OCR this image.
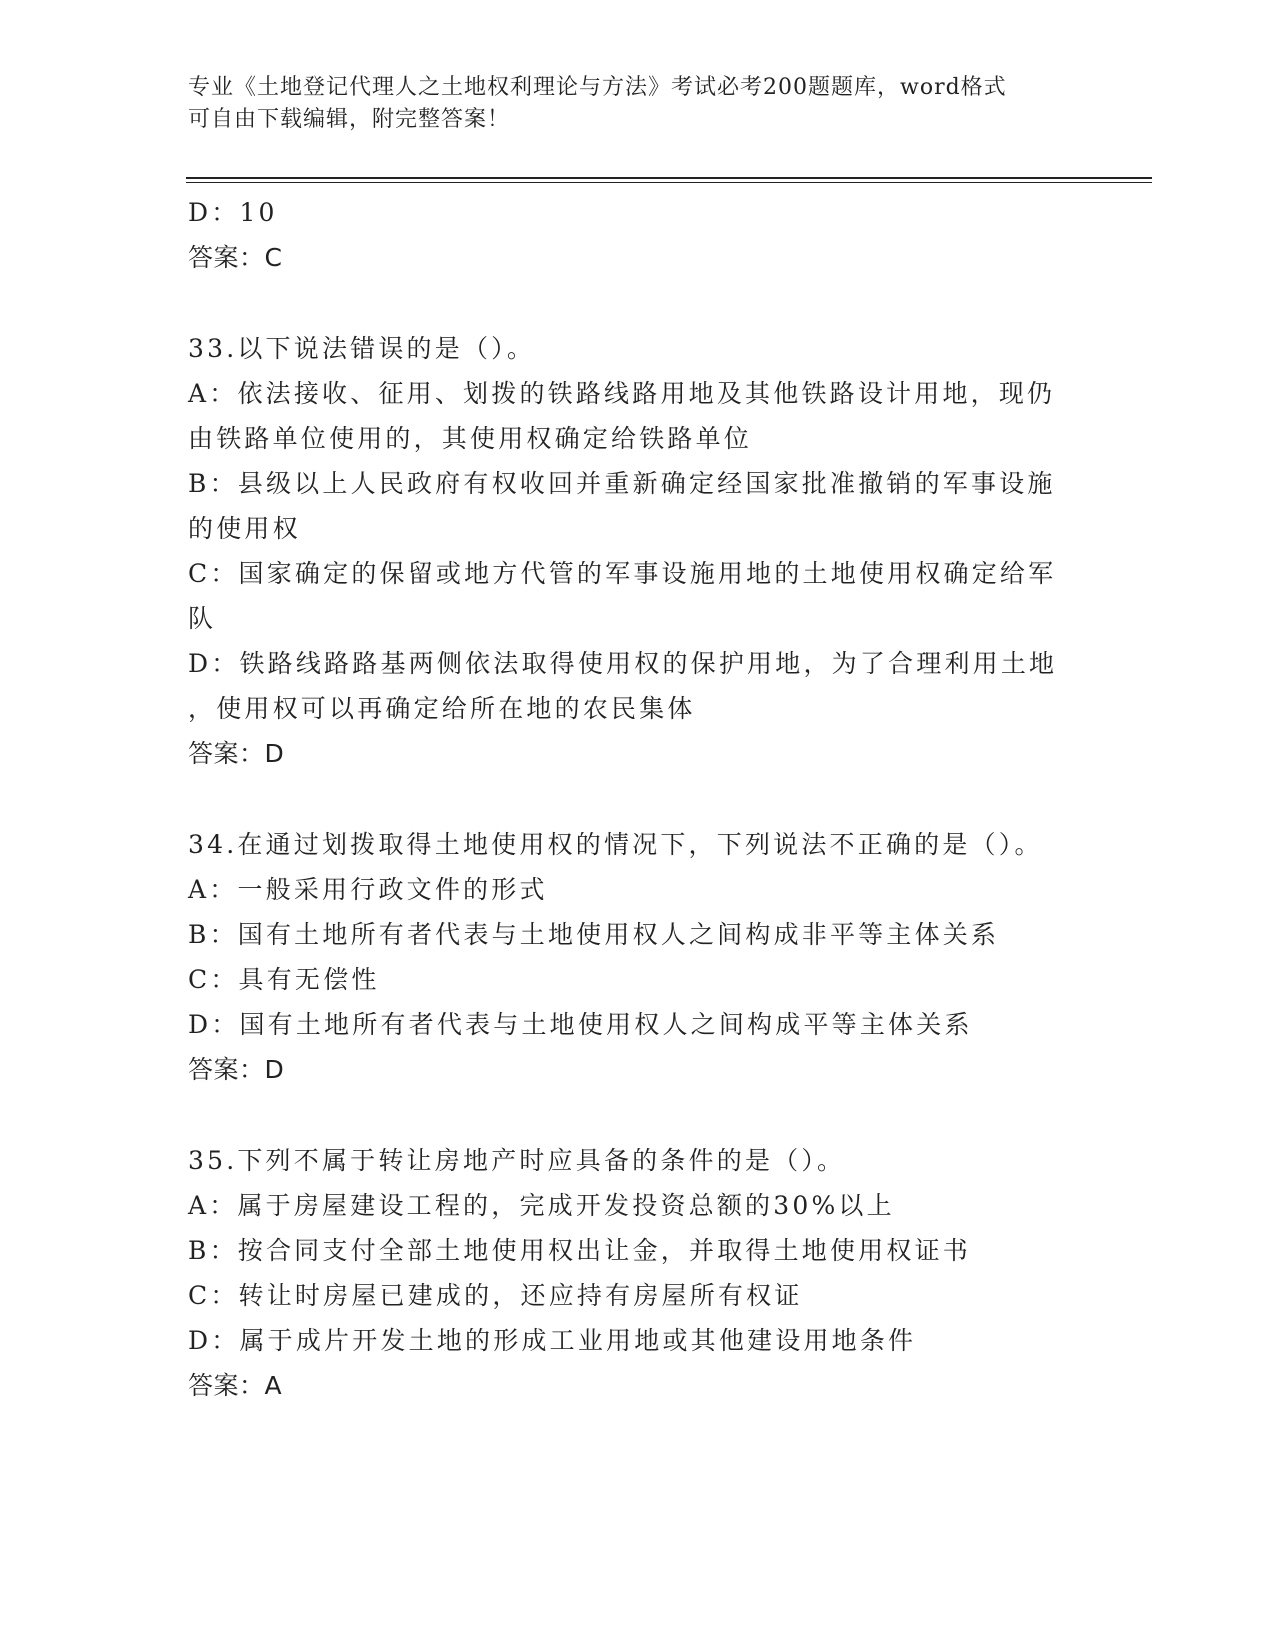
专业《土地登记代理人之土地权利理论与方法》考试必考200题题库，word格式
可自由下载编辑，附完整答案！
D：10
答案：C
33.以下说法错误的是（）。
A：依法接收、征用、划拨的铁路线路用地及其他铁路设计用地，现仍
由铁路单位使用的，其使用权确定给铁路单位
B：县级以上人民政府有权收回并重新确定经国家批准撤销的军事设施
的使用权
C：国家确定的保留或地方代管的军事设施用地的土地使用权确定给军
队
D：铁路线路路基两侧依法取得使用权的保护用地，为了合理利用土地
，使用权可以再确定给所在地的农民集体
答案：D
34.在通过划拨取得土地使用权的情况下，下列说法不正确的是（）。
A：一般采用行政文件的形式
B：国有土地所有者代表与土地使用权人之间构成非平等主体关系
C：具有无偿性
D：国有土地所有者代表与土地使用权人之间构成平等主体关系
答案：D
35.下列不属于转让房地产时应具备的条件的是（）。
A：属于房屋建设工程的，完成开发投资总额的30%以上
B：按合同支付全部土地使用权出让金，并取得土地使用权证书
C：转让时房屋已建成的，还应持有房屋所有权证
D：属于成片开发土地的形成工业用地或其他建设用地条件
答案：A
